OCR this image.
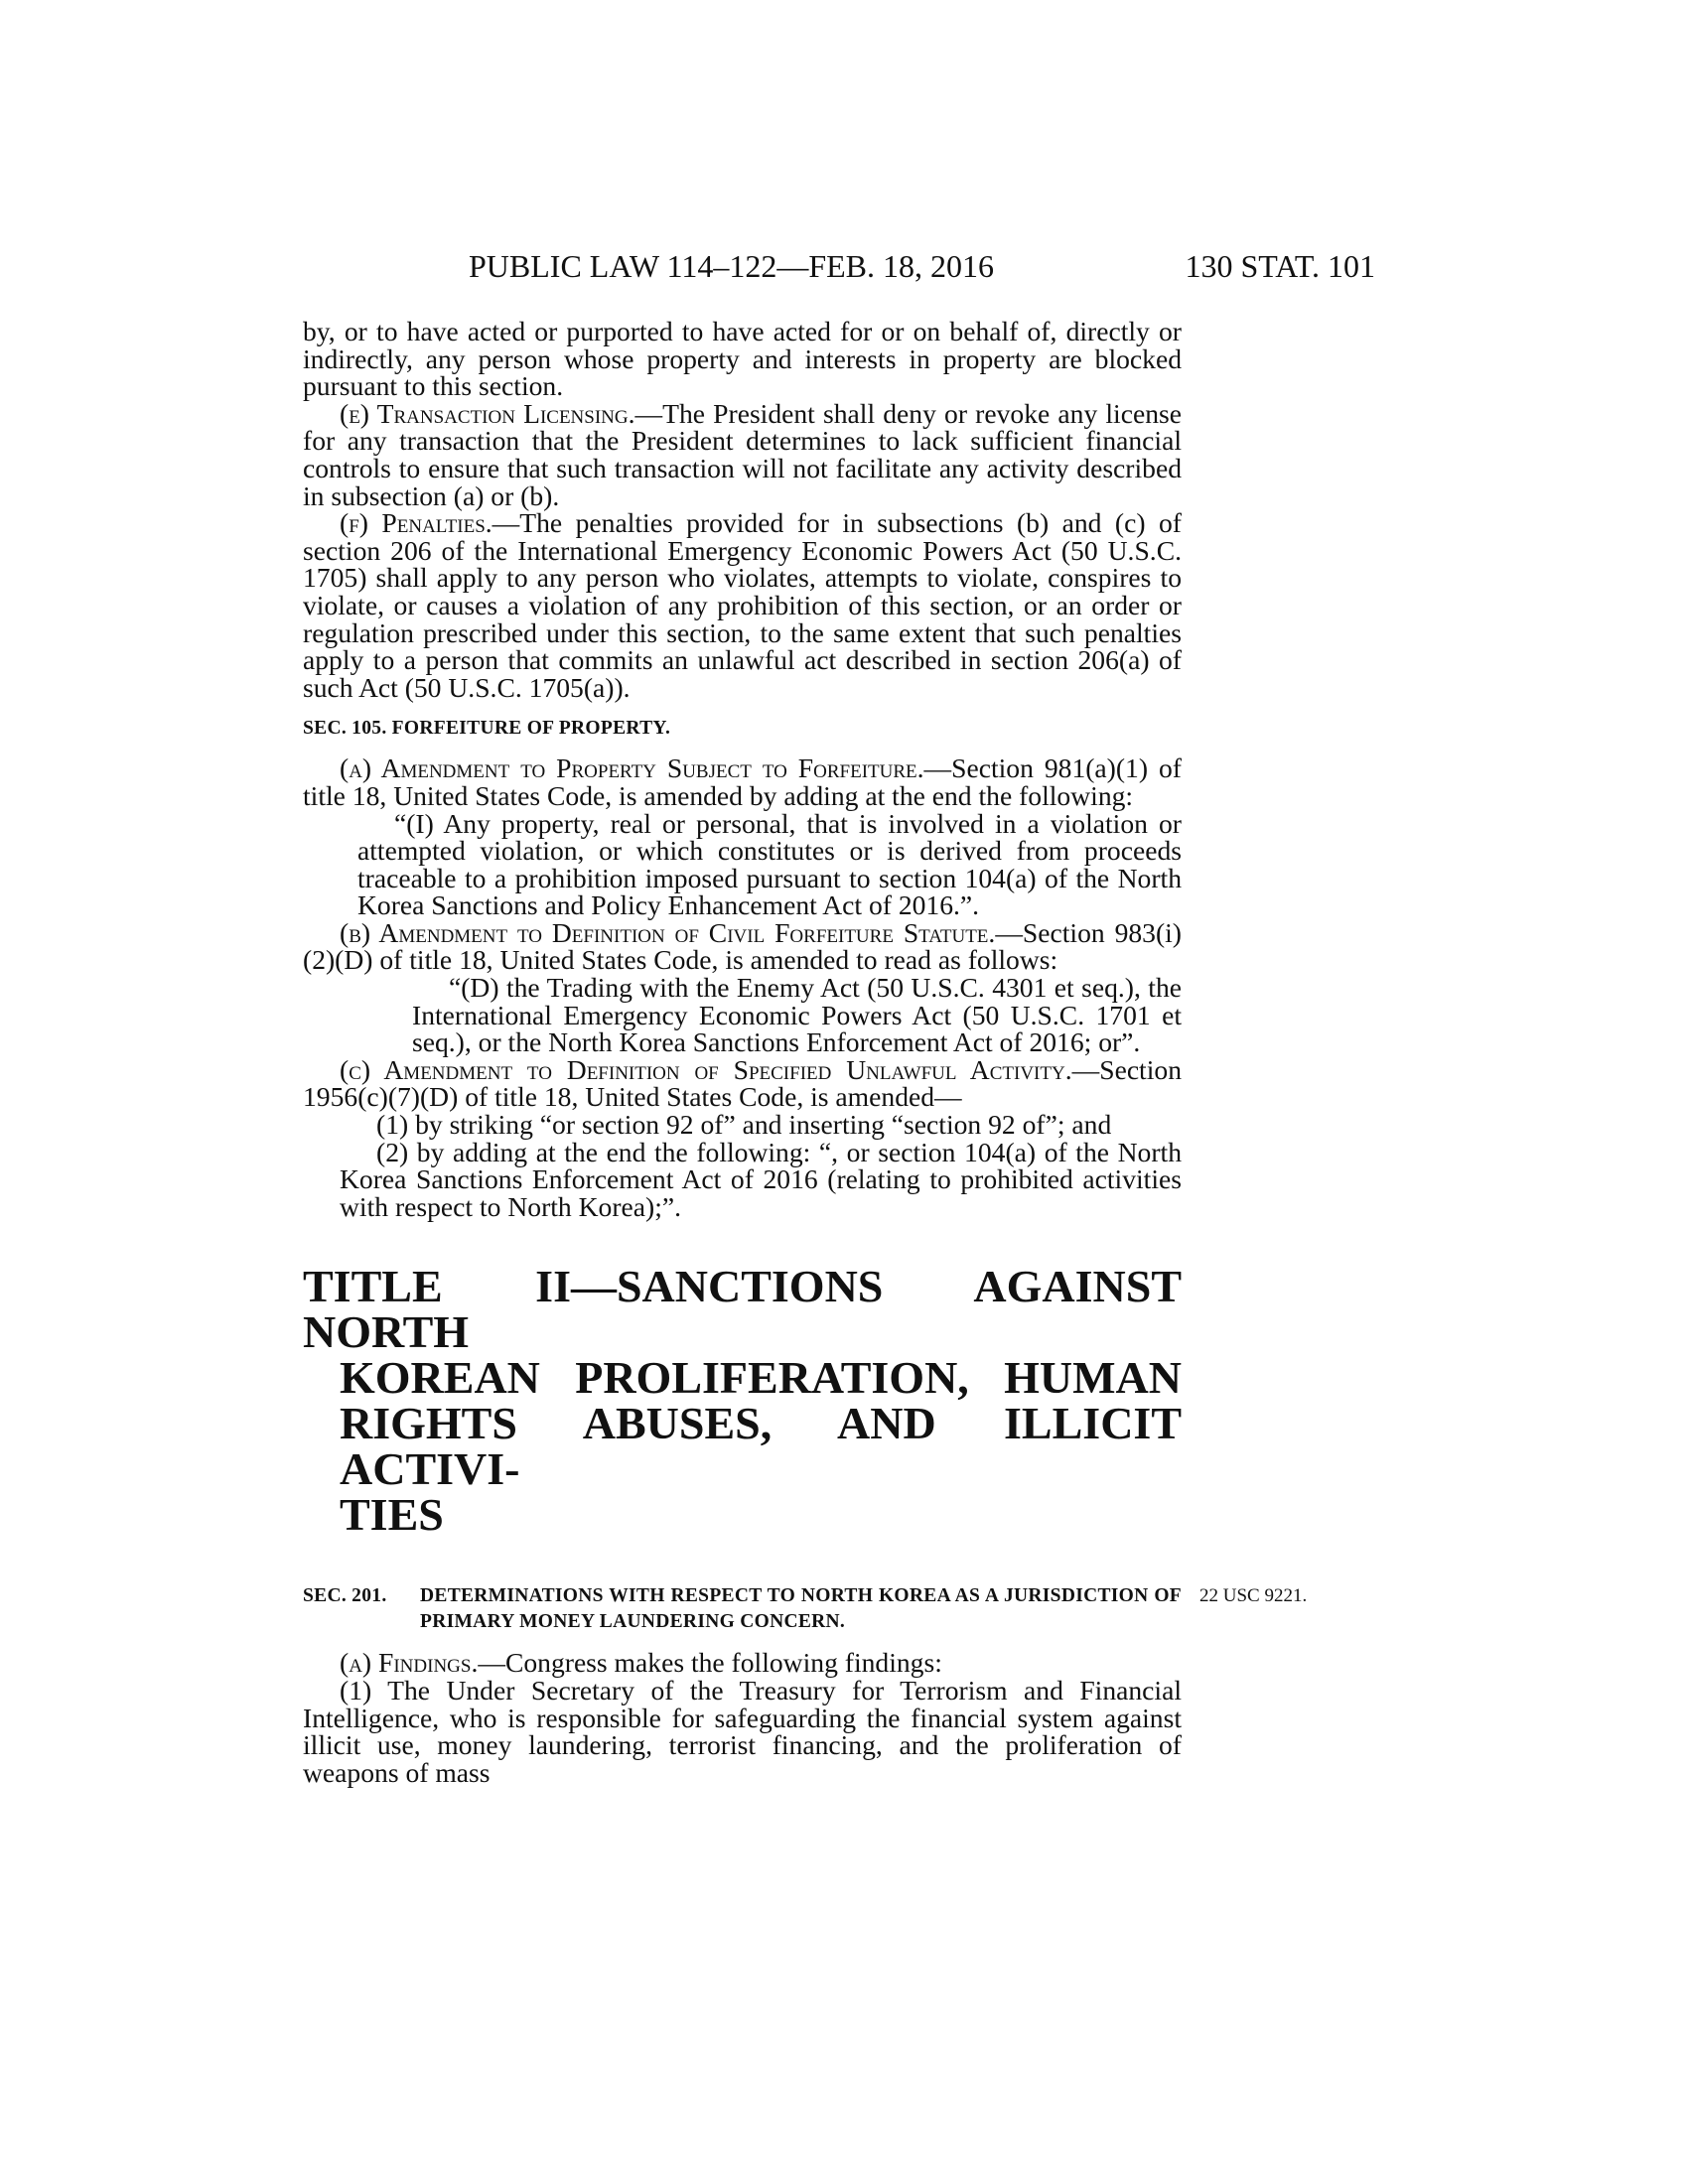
PUBLIC LAW 114–122—FEB. 18, 2016	130 STAT. 101

by, or to have acted or purported to have acted for or on behalf of, directly or indirectly, any person whose property and interests in property are blocked pursuant to this section.

(e) Transaction Licensing.—The President shall deny or revoke any license for any transaction that the President determines to lack sufficient financial controls to ensure that such transaction will not facilitate any activity described in subsection (a) or (b).

(f) Penalties.—The penalties provided for in subsections (b) and (c) of section 206 of the International Emergency Economic Powers Act (50 U.S.C. 1705) shall apply to any person who violates, attempts to violate, conspires to violate, or causes a violation of any prohibition of this section, or an order or regulation prescribed under this section, to the same extent that such penalties apply to a person that commits an unlawful act described in section 206(a) of such Act (50 U.S.C. 1705(a)).

SEC. 105. FORFEITURE OF PROPERTY.

(a) Amendment to Property Subject to Forfeiture.—Section 981(a)(1) of title 18, United States Code, is amended by adding at the end the following:

“(I) Any property, real or personal, that is involved in a violation or attempted violation, or which constitutes or is derived from proceeds traceable to a prohibition imposed pursuant to section 104(a) of the North Korea Sanctions and Policy Enhancement Act of 2016.”.

(b) Amendment to Definition of Civil Forfeiture Statute.—Section 983(i)(2)(D) of title 18, United States Code, is amended to read as follows:

“(D) the Trading with the Enemy Act (50 U.S.C. 4301 et seq.), the International Emergency Economic Powers Act (50 U.S.C. 1701 et seq.), or the North Korea Sanctions Enforcement Act of 2016; or”.

(c) Amendment to Definition of Specified Unlawful Activity.—Section 1956(c)(7)(D) of title 18, United States Code, is amended—

(1) by striking “or section 92 of” and inserting “section 92 of”; and

(2) by adding at the end the following: “, or section 104(a) of the North Korea Sanctions Enforcement Act of 2016 (relating to prohibited activities with respect to North Korea);”.

TITLE II—SANCTIONS AGAINST NORTH
KOREAN PROLIFERATION, HUMAN
RIGHTS ABUSES, AND ILLICIT ACTIVI-
TIES
SEC. 201.	DETERMINATIONS WITH RESPECT TO NORTH KOREA AS A JURISDICTION OF PRIMARY MONEY LAUNDERING CONCERN.
22 USC 9221.

(a) Findings.—Congress makes the following findings:

(1) The Under Secretary of the Treasury for Terrorism and Financial Intelligence, who is responsible for safeguarding the financial system against illicit use, money laundering, terrorist financing, and the proliferation of weapons of mass
